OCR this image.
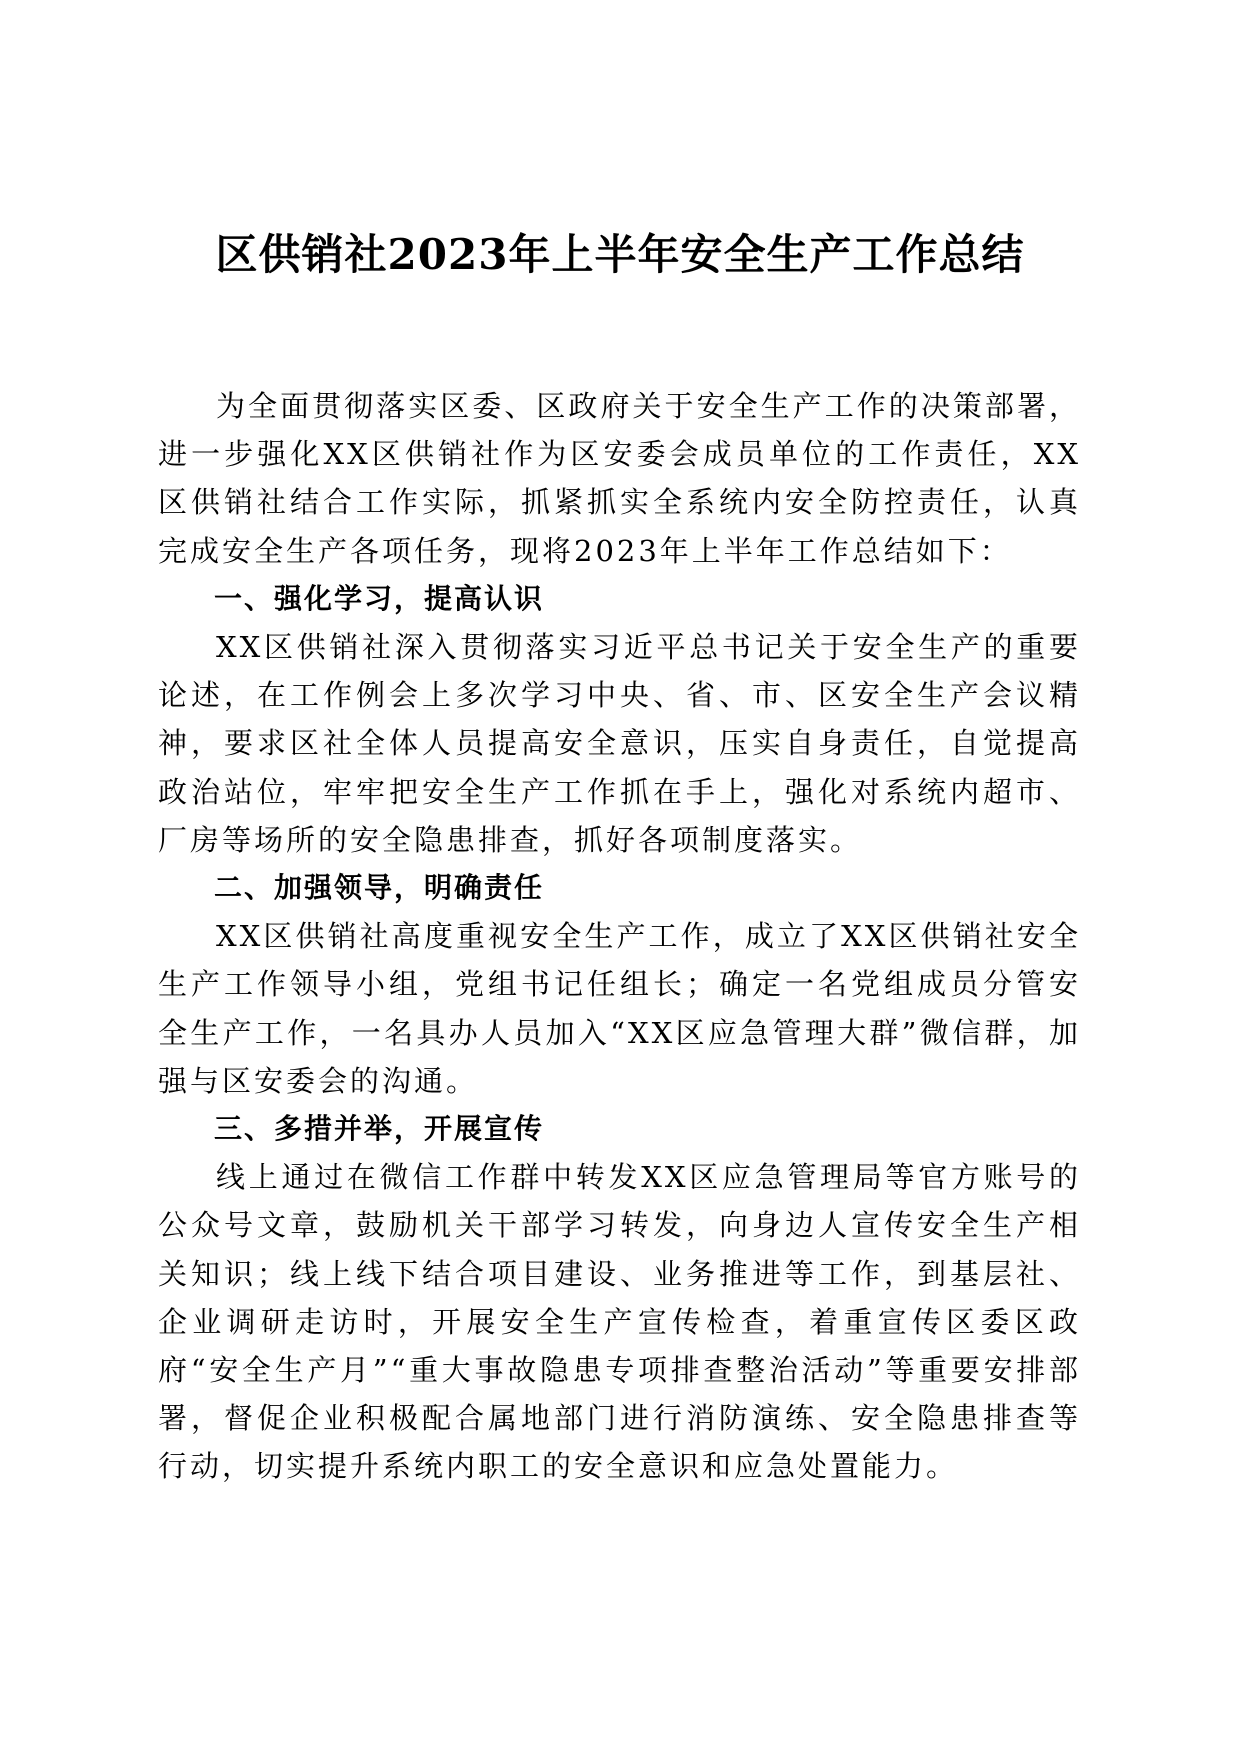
区供销社2023年上半年安全生产工作总结

为全面贯彻落实区委、区政府关于安全生产工作的决策部署，进一步强化XX区供销社作为区安委会成员单位的工作责任，XX区供销社结合工作实际，抓紧抓实全系统内安全防控责任，认真完成安全生产各项任务，现将2023年上半年工作总结如下：

一、强化学习，提高认识

XX区供销社深入贯彻落实习近平总书记关于安全生产的重要论述，在工作例会上多次学习中央、省、市、区安全生产会议精神，要求区社全体人员提高安全意识，压实自身责任，自觉提高政治站位，牢牢把安全生产工作抓在手上，强化对系统内超市、厂房等场所的安全隐患排查，抓好各项制度落实。

二、加强领导，明确责任

XX区供销社高度重视安全生产工作，成立了XX区供销社安全生产工作领导小组，党组书记任组长；确定一名党组成员分管安全生产工作，一名具办人员加入“XX区应急管理大群”微信群，加强与区安委会的沟通。

三、多措并举，开展宣传

线上通过在微信工作群中转发XX区应急管理局等官方账号的公众号文章，鼓励机关干部学习转发，向身边人宣传安全生产相关知识；线上线下结合项目建设、业务推进等工作，到基层社、企业调研走访时，开展安全生产宣传检查，着重宣传区委区政府“安全生产月”“重大事故隐患专项排查整治活动”等重要安排部署，督促企业积极配合属地部门进行消防演练、安全隐患排查等行动，切实提升系统内职工的安全意识和应急处置能力。
